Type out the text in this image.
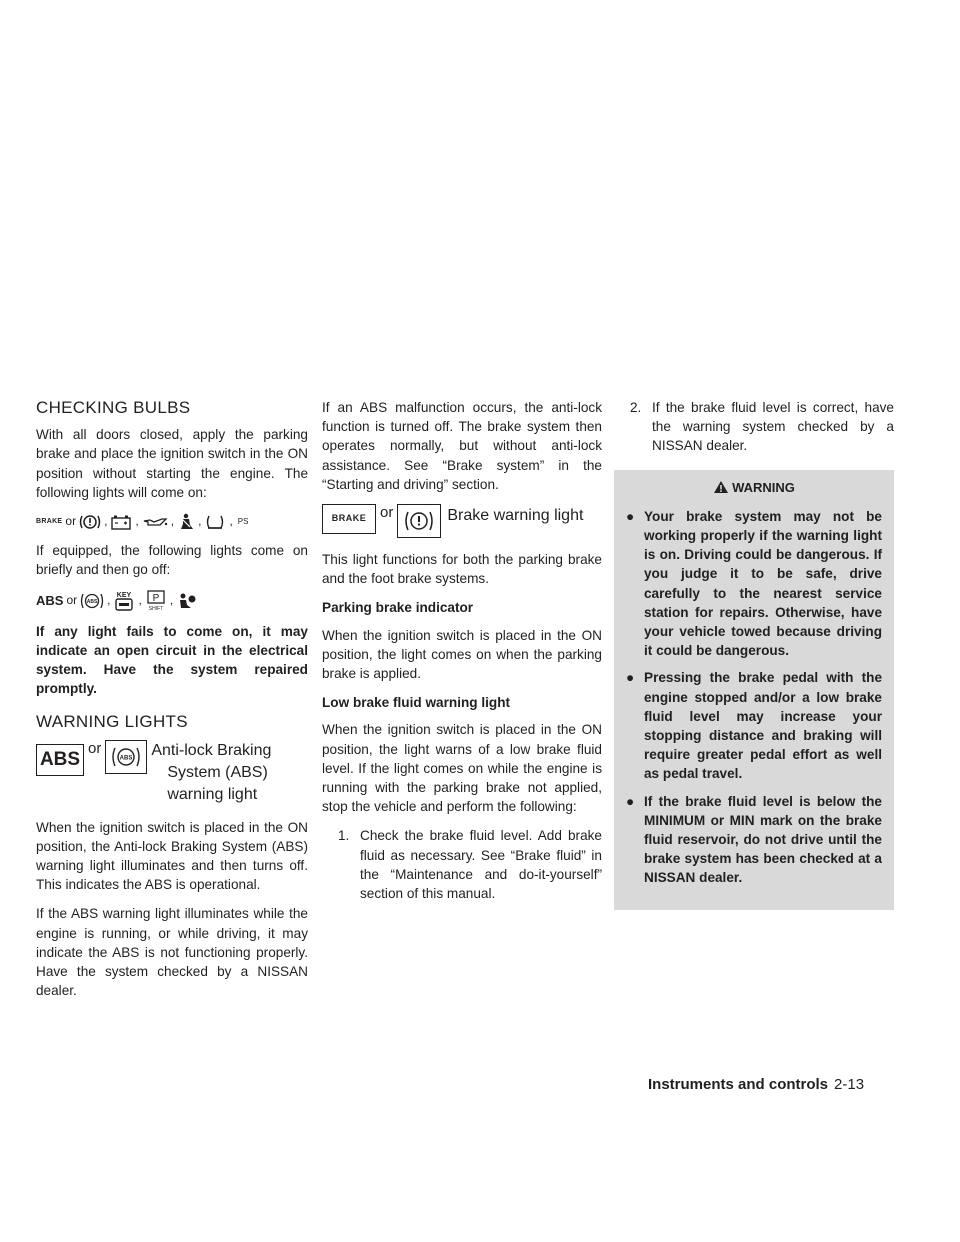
CHECKING BULBS

With all doors closed, apply the parking brake and place the ignition switch in the ON position without starting the engine. The following lights will come on:

BRAKE or , ,	, , , PS

If equipped, the following lights come on briefly and then go off:

ABS or ABS , KEY , P
SHIFT
,

If any light fails to come on, it may indicate an open circuit in the electrical system. Have the system repaired promptly.

WARNING LIGHTS
ABS
or
ABS Anti-lock Braking
System (ABS)
warning light

When the ignition switch is placed in the ON position, the Anti-lock Braking System (ABS) warning light illuminates and then turns off. This indicates the ABS is operational.

If the ABS warning light illuminates while the engine is running, or while driving, it may indicate the ABS is not functioning properly. Have the system checked by a NISSAN dealer.

If an ABS malfunction occurs, the anti-lock function is turned off. The brake system then operates normally, but without anti-lock assistance. See “Brake system” in the “Starting and driving” section.

BRAKE or	Brake warning light

This light functions for both the parking brake and the foot brake systems.

Parking brake indicator

When the ignition switch is placed in the ON position, the light comes on when the parking brake is applied.

Low brake fluid warning light

When the ignition switch is placed in the ON position, the light warns of a low brake fluid level. If the light comes on while the engine is running with the parking brake not applied, stop the vehicle and perform the following:

1. Check the brake fluid level. Add brake fluid as necessary. See “Brake fluid” in the “Maintenance and do-it-yourself” section of this manual.
2. If the brake fluid level is correct, have the warning system checked by a NISSAN dealer.
WARNING
● Your brake system may not be working properly if the warning light is on. Driving could be dangerous. If you judge it to be safe, drive carefully to the nearest service station for repairs. Otherwise, have your vehicle towed because driving it could be dangerous.
● Pressing the brake pedal with the engine stopped and/or a low brake fluid level may increase your stopping distance and braking will require greater pedal effort as well as pedal travel.
● If the brake fluid level is below the MINIMUM or MIN mark on the brake fluid reservoir, do not drive until the brake system has been checked at a NISSAN dealer.
Instruments and controls 2-13
